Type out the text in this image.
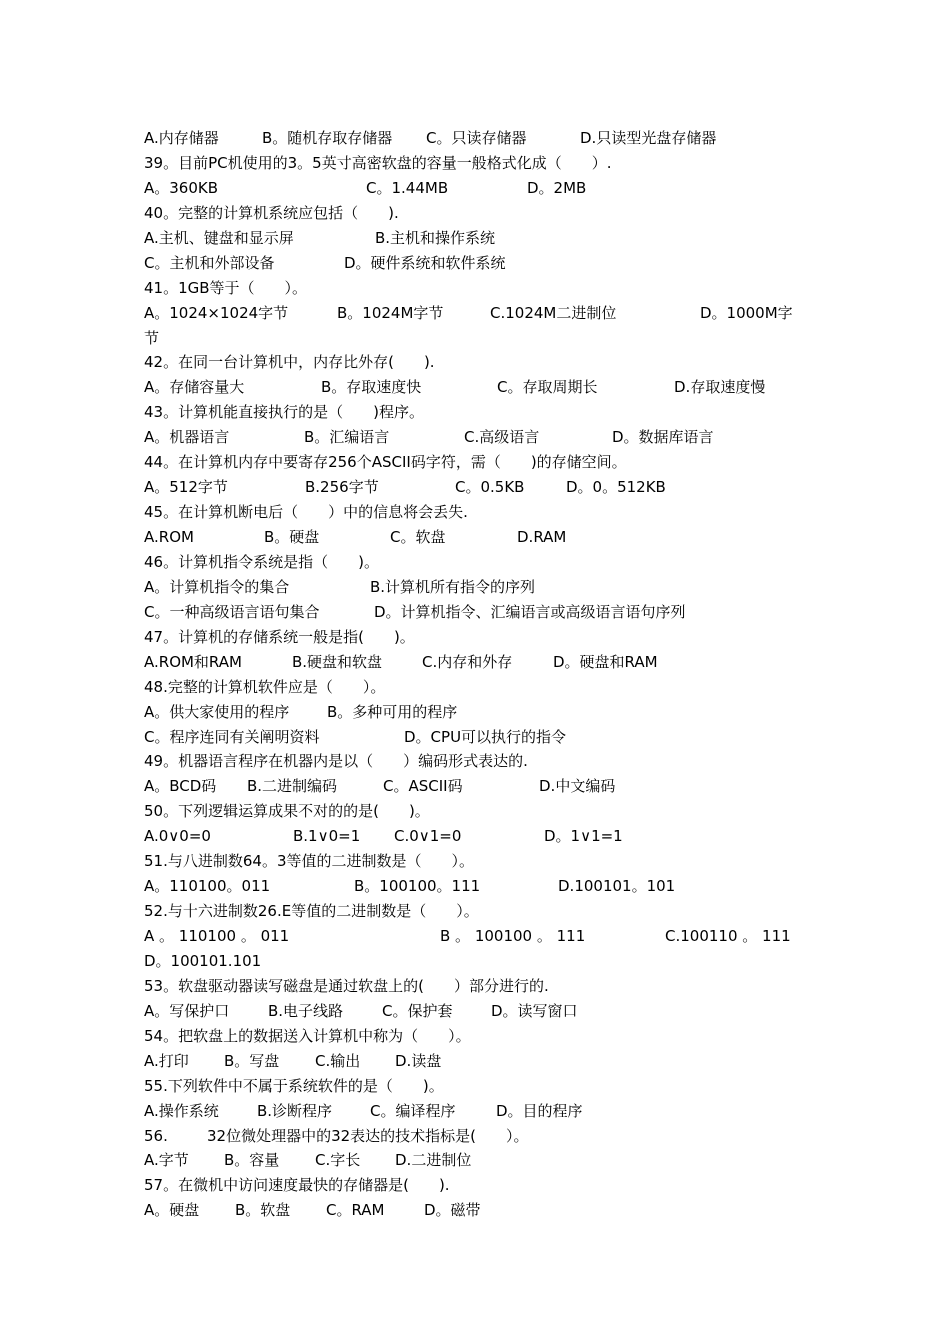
A.内存储器	B。随机存取存储器 C。只读存储器	D.只读型光盘存储器
39。目前PC机使用的3。5英寸高密软盘的容量一般格式化成（　　）.
A。360KB	C。1.44MB	D。2MB
40。完整的计算机系统应包括（　　).
A.主机、键盘和显示屏	B.主机和操作系统
C。主机和外部设备	D。硬件系统和软件系统
41。1GB等于（　　）。
A。1024×1024字节	B。1024M字节	C.1024M二进制位	D。1000M字
节
42。在同一台计算机中，内存比外存(　　).
A。存储容量大	B。存取速度快	C。存取周期长	D.存取速度慢
43。计算机能直接执行的是（　　)程序。
A。机器语言	B。汇编语言	C.高级语言	D。数据库语言
44。在计算机内存中要寄存256个ASCII码字符，需（　　)的存储空间。
A。512字节	B.256字节	C。0.5KB	D。0。512KB
45。在计算机断电后（　　）中的信息将会丢失.
A.ROM	B。硬盘	C。软盘	D.RAM
46。计算机指令系统是指（　　)。
A。计算机指令的集合	B.计算机所有指令的序列
C。一种高级语言语句集合	D。计算机指令、汇编语言或高级语言语句序列
47。计算机的存储系统一般是指(　　)。
A.ROM和RAM	B.硬盘和软盘	C.内存和外存	D。硬盘和RAM
48.完整的计算机软件应是（　　）。
A。供大家使用的程序	B。多种可用的程序
C。程序连同有关阐明资料	D。CPU可以执行的指令
49。机器语言程序在机器内是以（　　）编码形式表达的.
A。BCD码 B.二进制编码	C。ASCII码	D.中文编码
50。下列逻辑运算成果不对的的是(　　)。
A.0∨0=0	B.1∨0=1 C.0∨1=0	D。1∨1=1
51.与八进制数64。3等值的二进制数是（　　）。
A。110100。011	B。100100。111	D.100101。101
52.与十六进制数26.E等值的二进制数是（　　）。
A 。 110100 。 011	B 。 100100 。 111	C.100110 。 111
D。100101.101
53。软盘驱动器读写磁盘是通过软盘上的(　　）部分进行的.
A。写保护口	B.电子线路	C。保护套	D。读写窗口
54。把软盘上的数据送入计算机中称为（　　）。
A.打印 B。写盘 C.输出 D.读盘
55.下列软件中不属于系统软件的是（　　)。
A.操作系统	B.诊断程序	C。编译程序	D。目的程序
56.	32位微处理器中的32表达的技术指标是(　　）。
A.字节 B。容量 C.字长 D.二进制位
57。在微机中访问速度最快的存储器是(　　).
A。硬盘 B。软盘 C。RAM	D。磁带
